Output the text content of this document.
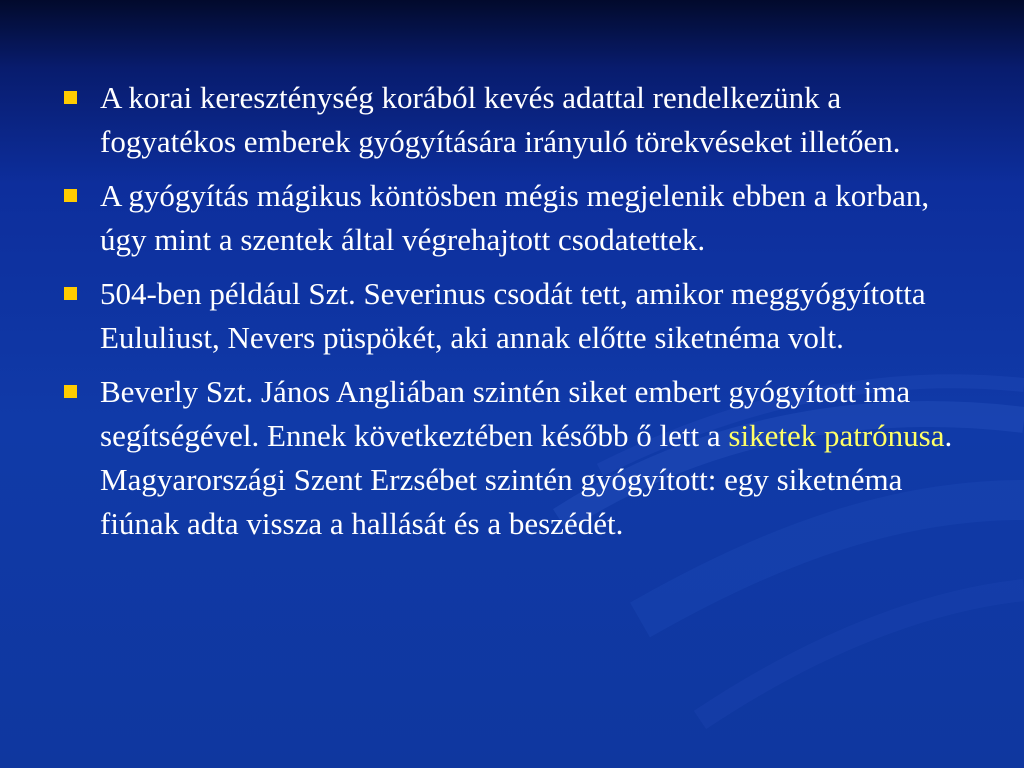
A korai kereszténység korából kevés adattal rendelkezünk a fogyatékos emberek gyógyítására irányuló törekvéseket illetően.
A gyógyítás mágikus köntösben mégis megjelenik ebben a korban, úgy mint a szentek által végrehajtott csodatettek.
504-ben például Szt. Severinus csodát tett, amikor meggyógyította Eululiust, Nevers püspökét, aki annak előtte siketnéma volt.
Beverly Szt. János Angliában szintén siket embert gyógyított ima segítségével. Ennek következtében később ő lett a siketek patrónusa. Magyarországi Szent Erzsébet szintén gyógyított: egy siketnéma fiúnak adta vissza a hallását és a beszédét.
